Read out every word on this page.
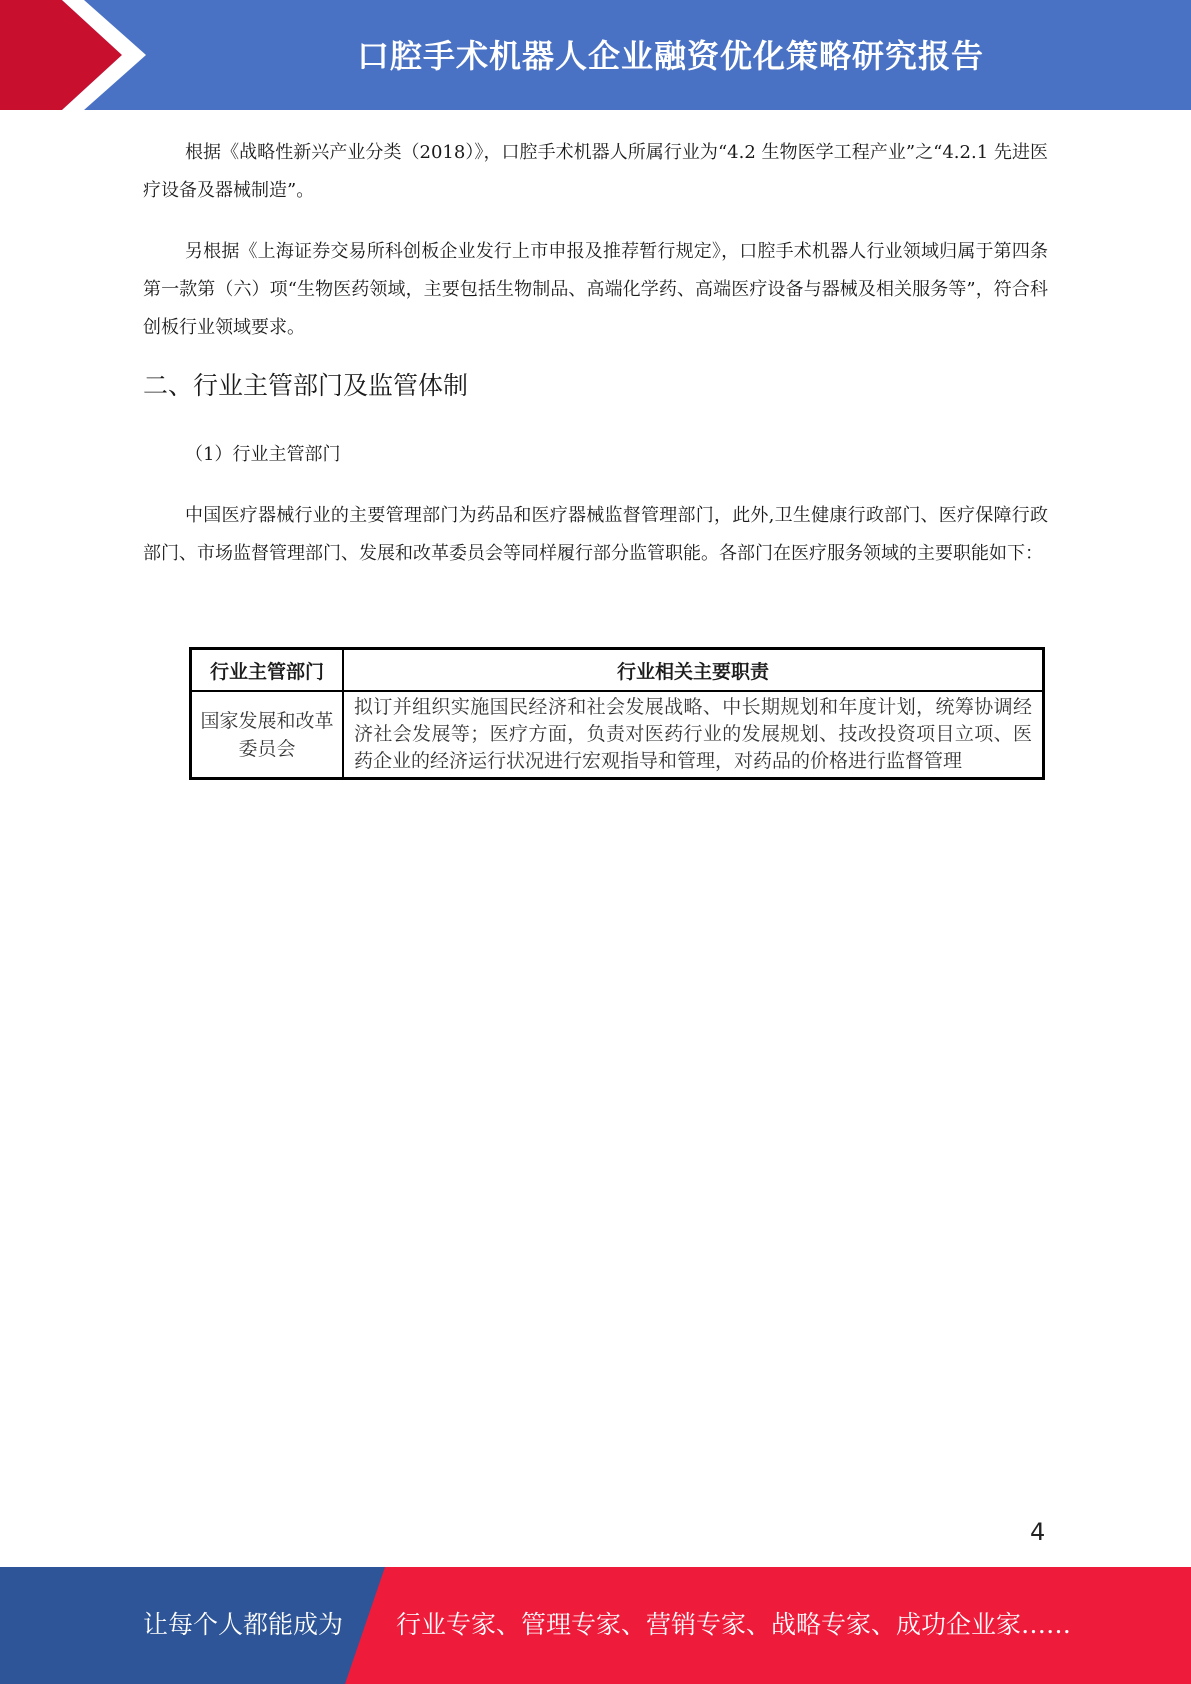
口腔手术机器人企业融资优化策略研究报告

根据《战略性新兴产业分类（2018）》，口腔手术机器人所属行业为“4.2 生物医学工程产业”之“4.2.1 先进医疗设备及器械制造”。

另根据《上海证券交易所科创板企业发行上市申报及推荐暂行规定》，口腔手术机器人行业领域归属于第四条第一款第（六）项“生物医药领域，主要包括生物制品、高端化学药、高端医疗设备与器械及相关服务等”，符合科创板行业领域要求。

二、行业主管部门及监管体制

（1）行业主管部门

中国医疗器械行业的主要管理部门为药品和医疗器械监督管理部门，此外,卫生健康行政部门、医疗保障行政部门、市场监督管理部门、发展和改革委员会等同样履行部分监管职能。各部门在医疗服务领域的主要职能如下：

行业主管部门	行业相关主要职责
国家发展和改革委员会	拟订并组织实施国民经济和社会发展战略、中长期规划和年度计划，统筹协调经济社会发展等；医疗方面，负责对医药行业的发展规划、技改投资项目立项、医药企业的经济运行状况进行宏观指导和管理，对药品的价格进行监督管理
4
让每个人都能成为 行业专家、管理专家、营销专家、战略专家、成功企业家……
